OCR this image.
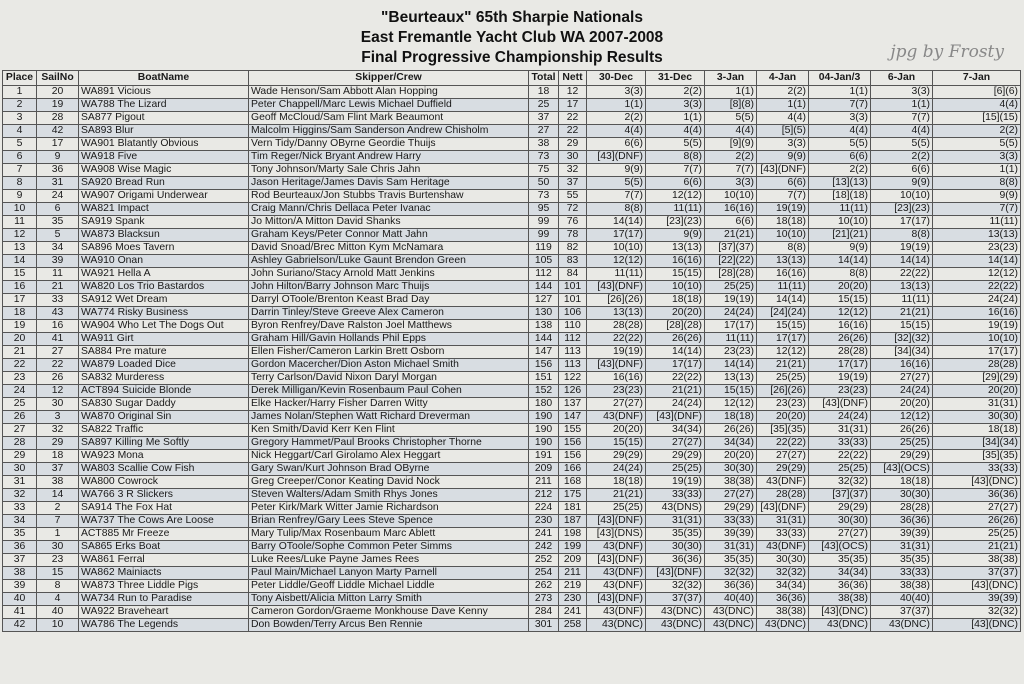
"Beurteaux" 65th Sharpie Nationals
East Fremantle Yacht Club WA 2007-2008
Final Progressive Championship Results	jpg by Frosty
Place	SailNo	BoatName	Skipper/Crew	Total	Nett	30-Dec	31-Dec	3-Jan	4-Jan	04-Jan/3	6-Jan	7-Jan
1	20	WA891 Vicious	Wade Henson/Sam Abbott Alan Hopping	18	12	3(3)	2(2)	1(1)	2(2)	1(1)	3(3)	[6](6)
2	19	WA788 The Lizard	Peter Chappell/Marc Lewis Michael Duffield	25	17	1(1)	3(3)	[8](8)	1(1)	7(7)	1(1)	4(4)
3	28	SA877 Pigout	Geoff McCloud/Sam Flint Mark Beaumont	37	22	2(2)	1(1)	5(5)	4(4)	3(3)	7(7)	[15](15)
4	42	SA893 Blur	Malcolm Higgins/Sam Sanderson Andrew Chisholm	27	22	4(4)	4(4)	4(4)	[5](5)	4(4)	4(4)	2(2)
5	17	WA901 Blatantly Obvious	Vern Tidy/Danny OByrne Geordie Thuijs	38	29	6(6)	5(5)	[9](9)	3(3)	5(5)	5(5)	5(5)
6	9	WA918 Five	Tim Reger/Nick Bryant Andrew Harry	73	30	[43](DNF)	8(8)	2(2)	9(9)	6(6)	2(2)	3(3)
7	36	WA908 Wise Magic	Tony Johnson/Marty Sale Chris Jahn	75	32	9(9)	7(7)	7(7)	[43](DNF)	2(2)	6(6)	1(1)
8	31	SA920 Bread Run	Jason Heritage/James Davis Sam Heritage	50	37	5(5)	6(6)	3(3)	6(6)	[13](13)	9(9)	8(8)
9	24	WA907 Origami Underwear	Rod Beurteaux/Jon Stubbs Travis Burtenshaw	73	55	7(7)	12(12)	10(10)	7(7)	[18](18)	10(10)	9(9)
10	6	WA821 Impact	Craig Mann/Chris Dellaca Peter Ivanac	95	72	8(8)	11(11)	16(16)	19(19)	11(11)	[23](23)	7(7)
11	35	SA919 Spank	Jo Mitton/A Mitton David Shanks	99	76	14(14)	[23](23)	6(6)	18(18)	10(10)	17(17)	11(11)
12	5	WA873 Blacksun	Graham Keys/Peter Connor Matt Jahn	99	78	17(17)	9(9)	21(21)	10(10)	[21](21)	8(8)	13(13)
13	34	SA896 Moes Tavern	David Snoad/Brec Mitton Kym McNamara	119	82	10(10)	13(13)	[37](37)	8(8)	9(9)	19(19)	23(23)
14	39	WA910 Onan	Ashley Gabrielson/Luke Gaunt Brendon Green	105	83	12(12)	16(16)	[22](22)	13(13)	14(14)	14(14)	14(14)
15	11	WA921 Hella A	John Suriano/Stacy Arnold Matt Jenkins	112	84	11(11)	15(15)	[28](28)	16(16)	8(8)	22(22)	12(12)
16	21	WA820 Los Trio Bastardos	John Hilton/Barry Johnson Marc Thuijs	144	101	[43](DNF)	10(10)	25(25)	11(11)	20(20)	13(13)	22(22)
17	33	SA912 Wet Dream	Darryl OToole/Brenton Keast Brad Day	127	101	[26](26)	18(18)	19(19)	14(14)	15(15)	11(11)	24(24)
18	43	WA774 Risky Business	Darrin Tinley/Steve Greeve Alex Cameron	130	106	13(13)	20(20)	24(24)	[24](24)	12(12)	21(21)	16(16)
19	16	WA904 Who Let The Dogs Out	Byron Renfrey/Dave Ralston Joel Matthews	138	110	28(28)	[28](28)	17(17)	15(15)	16(16)	15(15)	19(19)
20	41	WA911 Girt	Graham Hill/Gavin Hollands Phil Epps	144	112	22(22)	26(26)	11(11)	17(17)	26(26)	[32](32)	10(10)
21	27	SA884 Pre mature	Ellen Fisher/Cameron Larkin Brett Osborn	147	113	19(19)	14(14)	23(23)	12(12)	28(28)	[34](34)	17(17)
22	22	WA879 Loaded Dice	Gordon Macercher/Dion Aston Michael Smith	156	113	[43](DNF)	17(17)	14(14)	21(21)	17(17)	16(16)	28(28)
23	26	SA832 Murderess	Terry Carlson/David Nixon Daryl Morgan	151	122	16(16)	22(22)	13(13)	25(25)	19(19)	27(27)	[29](29)
24	12	ACT894 Suicide Blonde	Derek Milligan/Kevin Rosenbaum Paul Cohen	152	126	23(23)	21(21)	15(15)	[26](26)	23(23)	24(24)	20(20)
25	30	SA830 Sugar Daddy	Elke Hacker/Harry Fisher Darren Witty	180	137	27(27)	24(24)	12(12)	23(23)	[43](DNF)	20(20)	31(31)
26	3	WA870 Original Sin	James Nolan/Stephen Watt Richard Dreverman	190	147	43(DNF)	[43](DNF)	18(18)	20(20)	24(24)	12(12)	30(30)
27	32	SA822 Traffic	Ken Smith/David Kerr Ken Flint	190	155	20(20)	34(34)	26(26)	[35](35)	31(31)	26(26)	18(18)
28	29	SA897 Killing Me Softly	Gregory Hammet/Paul Brooks Christopher Thorne	190	156	15(15)	27(27)	34(34)	22(22)	33(33)	25(25)	[34](34)
29	18	WA923 Mona	Nick Heggart/Carl Girolamo Alex Heggart	191	156	29(29)	29(29)	20(20)	27(27)	22(22)	29(29)	[35](35)
30	37	WA803 Scallie Cow Fish	Gary Swan/Kurt Johnson Brad OByrne	209	166	24(24)	25(25)	30(30)	29(29)	25(25)	[43](OCS)	33(33)
31	38	WA800 Cowrock	Greg Creeper/Conor Keating David Nock	211	168	18(18)	19(19)	38(38)	43(DNF)	32(32)	18(18)	[43](DNC)
32	14	WA766 3 R Slickers	Steven Walters/Adam Smith Rhys Jones	212	175	21(21)	33(33)	27(27)	28(28)	[37](37)	30(30)	36(36)
33	2	SA914 The Fox Hat	Peter Kirk/Mark Witter Jamie Richardson	224	181	25(25)	43(DNS)	29(29)	[43](DNF)	29(29)	28(28)	27(27)
34	7	WA737 The Cows Are Loose	Brian Renfrey/Gary Lees Steve Spence	230	187	[43](DNF)	31(31)	33(33)	31(31)	30(30)	36(36)	26(26)
35	1	ACT885 Mr Freeze	Mary Tulip/Max Rosenbaum Marc Ablett	241	198	[43](DNS)	35(35)	39(39)	33(33)	27(27)	39(39)	25(25)
36	30	SA865 Erks Boat	Barry OToole/Sophe Common Peter Simms	242	199	43(DNF)	30(30)	31(31)	43(DNF)	[43](OCS)	31(31)	21(21)
37	23	WA861 Ferral	Luke Rees/Luke Payne James Rees	252	209	[43](DNF)	36(36)	35(35)	30(30)	35(35)	35(35)	38(38)
38	15	WA862 Mainiacts	Paul Main/Michael Lanyon Marty Parnell	254	211	43(DNF)	[43](DNF)	32(32)	32(32)	34(34)	33(33)	37(37)
39	8	WA873 Three Liddle Pigs	Peter Liddle/Geoff Liddle Michael Liddle	262	219	43(DNF)	32(32)	36(36)	34(34)	36(36)	38(38)	[43](DNC)
40	4	WA734 Run to Paradise	Tony Aisbett/Alicia Mitton Larry Smith	273	230	[43](DNF)	37(37)	40(40)	36(36)	38(38)	40(40)	39(39)
41	40	WA922 Braveheart	Cameron Gordon/Graeme Monkhouse Dave Kenny	284	241	43(DNF)	43(DNC)	43(DNC)	38(38)	[43](DNC)	37(37)	32(32)
42	10	WA786 The Legends	Don Bowden/Terry Arcus Ben Rennie	301	258	43(DNC)	43(DNC)	43(DNC)	43(DNC)	43(DNC)	43(DNC)	[43](DNC)
